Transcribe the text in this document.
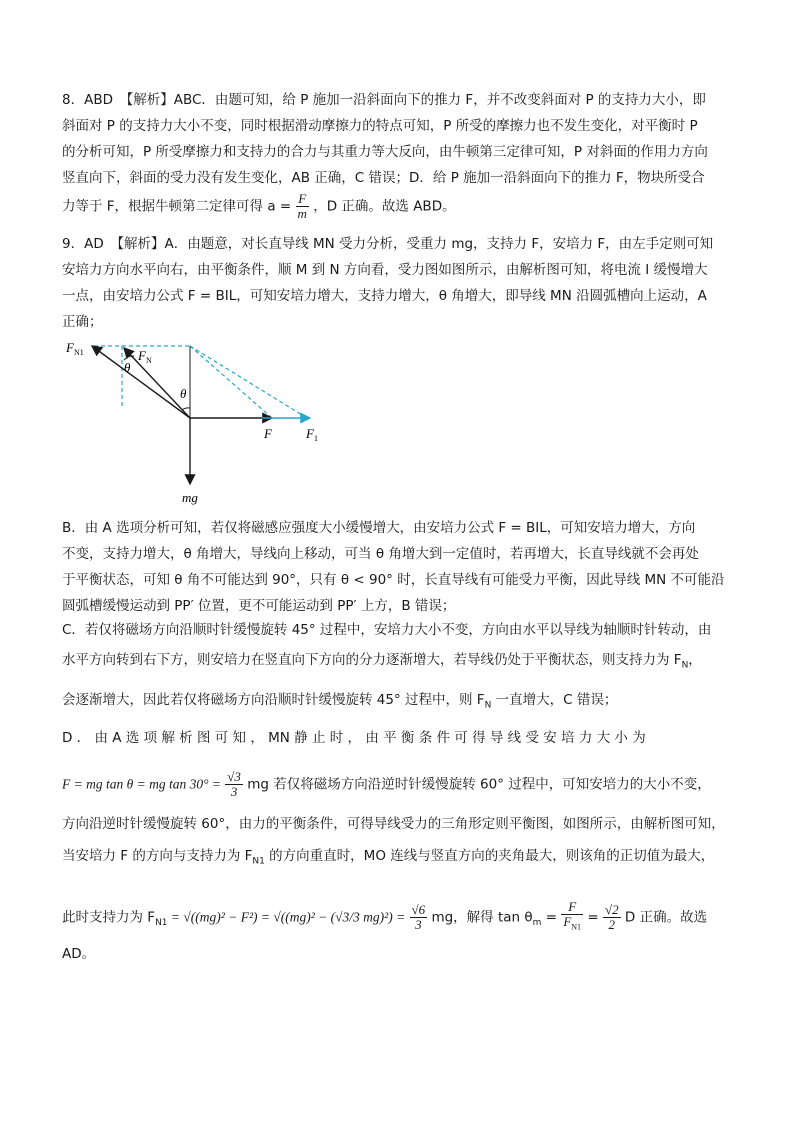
8．ABD　【解析】ABC．由题可知，给 P 施加一沿斜面向下的推力 F，并不改变斜面对 P 的支持力大小，即
斜面对 P 的支持力大小不变，同时根据滑动摩擦力的特点可知，P 所受的摩擦力也不发生变化，对平衡时 P
的分析可知，P 所受摩擦力和支持力的合力与其重力等大反向，由牛顿第三定律可知，P 对斜面的作用力方向
竖直向下，斜面的受力没有发生变化，AB 正确，C 错误；D．给 P 施加一沿斜面向下的推力 F，物块所受合
力等于 F，根据牛顿第二定律可得 $a = \frac{F}{m}$ ，D 正确。故选 ABD。
9．AD　【解析】A．由题意，对长直导线 MN 受力分析，受重力 mg，支持力 F，安培力 F，由左手定则可知
安培力方向水平向右，由平衡条件，顺 M 到 N 方向看，受力图如图所示，由解析图可知，将电流 I 缓慢增大
一点，由安培力公式 F = BIL，可知安培力增大，支持力增大，θ 角增大，即导线 MN 沿圆弧槽向上运动，A
正确；
$F_{N1}$	$F_N$
θ
θ
F	$F_1$
mg
B．由 A 选项分析可知，若仅将磁感应强度大小缓慢增大，由安培力公式 F = BIL，可知安培力增大，方向
不变，支持力增大，θ 角增大，导线向上移动，可当 θ 角增大到一定值时，若再增大，长直导线就不会再处
于平衡状态，可知 θ 角不可能达到 90°，只有 θ < 90° 时，长直导线有可能受力平衡，因此导线 MN 不可能沿
圆弧槽缓慢运动到 PP′ 位置，更不可能运动到 PP′ 上方，B 错误；
C．若仅将磁场方向沿顺时针缓慢旋转 45° 过程中，安培力大小不变，方向由水平以导线为轴顺时针转动，由
水平方向转到右下方，则安培力在竖直向下方向的分力逐渐增大，若导线仍处于平衡状态，则支持力为 $F_N$，
会逐渐增大，因此若仅将磁场方向沿顺时针缓慢旋转 45° 过程中，则 $F_N$ 一直增大，C 错误；
D ． 由 A 选 项 解 析 图 可 知 ， MN 静 止 时 ， 由 平 衡 条 件 可 得 导 线 受 安 培 力 大 小 为
F = mg tan θ = mg $\tan 30^\circ = \frac{√3}{3}$ mg 若仅将磁场方向沿逆时针缓慢旋转 60° 过程中，可知安培力的大小不变，
方向沿逆时针缓慢旋转 60°，由力的平衡条件，可得导线受力的三角形定则平衡图，如图所示，由解析图可知，
当安培力 F 的方向与支持力为 $F_{N1}$ 的方向重直时，MO 连线与竖直方向的夹角最大，则该角的正切值为最大，
此时支持力为 $F_{N1} = √((mg)^2 - F^2) = √((mg)^2 - (√3/3$ $mg)^2) = \frac{√6}{3}$ mg，解得 $\tan \theta_m = \frac{F}{F_{N1}} = \frac{√2}{2}$ D 正确。故选
AD。
